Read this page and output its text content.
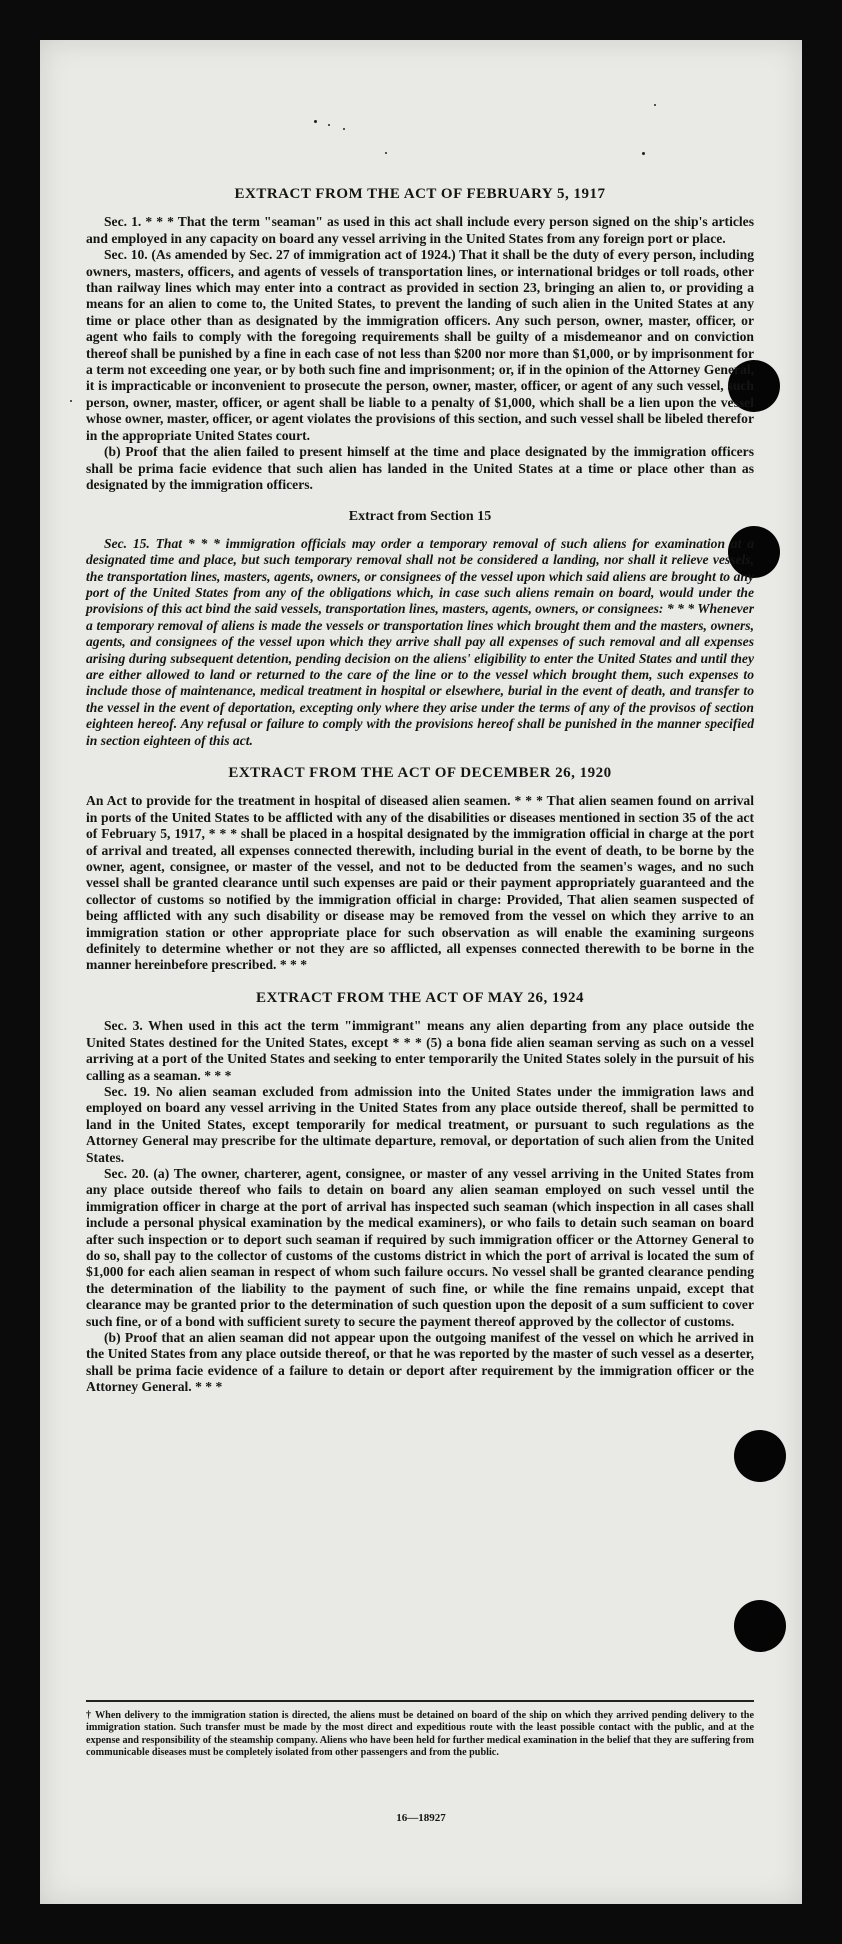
EXTRACT FROM THE ACT OF FEBRUARY 5, 1917

Sec. 1. * * * That the term "seaman" as used in this act shall include every person signed on the ship's articles and employed in any capacity on board any vessel arriving in the United States from any foreign port or place.

Sec. 10. (As amended by Sec. 27 of immigration act of 1924.) That it shall be the duty of every person, including owners, masters, officers, and agents of vessels of transportation lines, or international bridges or toll roads, other than railway lines which may enter into a contract as provided in section 23, bringing an alien to, or providing a means for an alien to come to, the United States, to prevent the landing of such alien in the United States at any time or place other than as designated by the immigration officers. Any such person, owner, master, officer, or agent who fails to comply with the foregoing requirements shall be guilty of a misdemeanor and on conviction thereof shall be punished by a fine in each case of not less than $200 nor more than $1,000, or by imprisonment for a term not exceeding one year, or by both such fine and imprisonment; or, if in the opinion of the Attorney General, it is impracticable or inconvenient to prosecute the person, owner, master, officer, or agent of any such vessel, such person, owner, master, officer, or agent shall be liable to a penalty of $1,000, which shall be a lien upon the vessel whose owner, master, officer, or agent violates the provisions of this section, and such vessel shall be libeled therefor in the appropriate United States court.

(b) Proof that the alien failed to present himself at the time and place designated by the immigration officers shall be prima facie evidence that such alien has landed in the United States at a time or place other than as designated by the immigration officers.

Extract from Section 15

Sec. 15. That * * * immigration officials may order a temporary removal of such aliens for examination at a designated time and place, but such temporary removal shall not be considered a landing, nor shall it relieve vessels, the transportation lines, masters, agents, owners, or consignees of the vessel upon which said aliens are brought to any port of the United States from any of the obligations which, in case such aliens remain on board, would under the provisions of this act bind the said vessels, transportation lines, masters, agents, owners, or consignees: * * * Whenever a temporary removal of aliens is made the vessels or transportation lines which brought them and the masters, owners, agents, and consignees of the vessel upon which they arrive shall pay all expenses of such removal and all expenses arising during subsequent detention, pending decision on the aliens' eligibility to enter the United States and until they are either allowed to land or returned to the care of the line or to the vessel which brought them, such expenses to include those of maintenance, medical treatment in hospital or elsewhere, burial in the event of death, and transfer to the vessel in the event of deportation, excepting only where they arise under the terms of any of the provisos of section eighteen hereof. Any refusal or failure to comply with the provisions hereof shall be punished in the manner specified in section eighteen of this act.

EXTRACT FROM THE ACT OF DECEMBER 26, 1920

An Act to provide for the treatment in hospital of diseased alien seamen. * * * That alien seamen found on arrival in ports of the United States to be afflicted with any of the disabilities or diseases mentioned in section 35 of the act of February 5, 1917, * * * shall be placed in a hospital designated by the immigration official in charge at the port of arrival and treated, all expenses connected therewith, including burial in the event of death, to be borne by the owner, agent, consignee, or master of the vessel, and not to be deducted from the seamen's wages, and no such vessel shall be granted clearance until such expenses are paid or their payment appropriately guaranteed and the collector of customs so notified by the immigration official in charge: Provided, That alien seamen suspected of being afflicted with any such disability or disease may be removed from the vessel on which they arrive to an immigration station or other appropriate place for such observation as will enable the examining surgeons definitely to determine whether or not they are so afflicted, all expenses connected therewith to be borne in the manner hereinbefore prescribed. * * *

EXTRACT FROM THE ACT OF MAY 26, 1924

Sec. 3. When used in this act the term "immigrant" means any alien departing from any place outside the United States destined for the United States, except * * * (5) a bona fide alien seaman serving as such on a vessel arriving at a port of the United States and seeking to enter temporarily the United States solely in the pursuit of his calling as a seaman. * * *

Sec. 19. No alien seaman excluded from admission into the United States under the immigration laws and employed on board any vessel arriving in the United States from any place outside thereof, shall be permitted to land in the United States, except temporarily for medical treatment, or pursuant to such regulations as the Attorney General may prescribe for the ultimate departure, removal, or deportation of such alien from the United States.

Sec. 20. (a) The owner, charterer, agent, consignee, or master of any vessel arriving in the United States from any place outside thereof who fails to detain on board any alien seaman employed on such vessel until the immigration officer in charge at the port of arrival has inspected such seaman (which inspection in all cases shall include a personal physical examination by the medical examiners), or who fails to detain such seaman on board after such inspection or to deport such seaman if required by such immigration officer or the Attorney General to do so, shall pay to the collector of customs of the customs district in which the port of arrival is located the sum of $1,000 for each alien seaman in respect of whom such failure occurs. No vessel shall be granted clearance pending the determination of the liability to the payment of such fine, or while the fine remains unpaid, except that clearance may be granted prior to the determination of such question upon the deposit of a sum sufficient to cover such fine, or of a bond with sufficient surety to secure the payment thereof approved by the collector of customs.

(b) Proof that an alien seaman did not appear upon the outgoing manifest of the vessel on which he arrived in the United States from any place outside thereof, or that he was reported by the master of such vessel as a deserter, shall be prima facie evidence of a failure to detain or deport after requirement by the immigration officer or the Attorney General. * * *

† When delivery to the immigration station is directed, the aliens must be detained on board of the ship on which they arrived pending delivery to the immigration station. Such transfer must be made by the most direct and expeditious route with the least possible contact with the public, and at the expense and responsibility of the steamship company. Aliens who have been held for further medical examination in the belief that they are suffering from communicable diseases must be completely isolated from other passengers and from the public.
16—18927
